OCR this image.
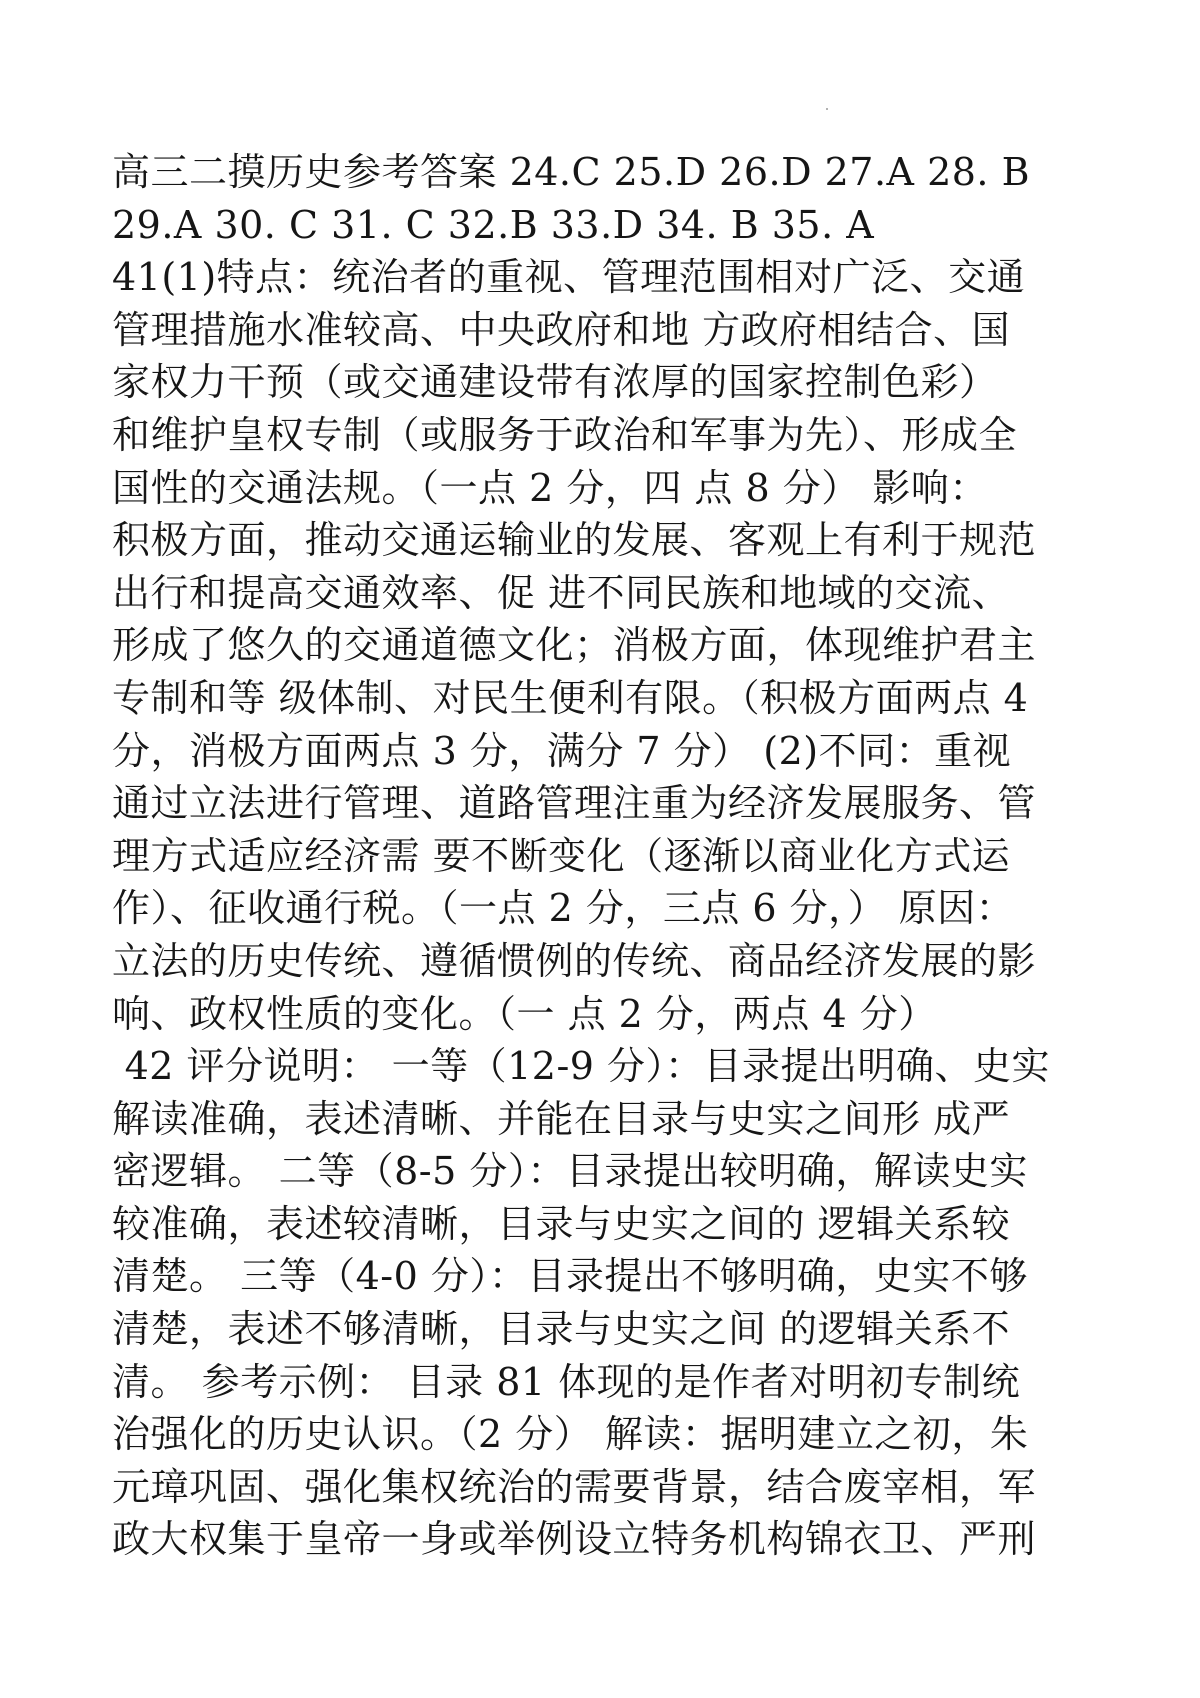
高三二摸历史参考答案 24.C 25.D 26.D 27.A 28. B
29.A 30. C 31. C 32.B 33.D 34. B 35. A
41(1)特点：统治者的重视、管理范围相对广泛、交通
管理措施水准较高、中央政府和地 方政府相结合、国
家权力干预（或交通建设带有浓厚的国家控制色彩）
和维护皇权专制（或服务于政治和军事为先）、形成全
国性的交通法规。（一点 2 分，四 点 8 分） 影响：
积极方面，推动交通运输业的发展、客观上有利于规范
出行和提高交通效率、促 进不同民族和地域的交流、
形成了悠久的交通道德文化；消极方面，体现维护君主
专制和等 级体制、对民生便利有限。（积极方面两点 4
分，消极方面两点 3 分，满分 7 分） (2)不同：重视
通过立法进行管理、道路管理注重为经济发展服务、管
理方式适应经济需 要不断变化（逐渐以商业化方式运
作）、征收通行税。（一点 2 分，三点 6 分，） 原因：
立法的历史传统、遵循惯例的传统、商品经济发展的影
响、政权性质的变化。（一 点 2 分，两点 4 分）
42 评分说明： 一等（12-9 分）：目录提出明确、史实
解读准确，表述清晰、并能在目录与史实之间形 成严
密逻辑。 二等（8-5 分）：目录提出较明确，解读史实
较准确，表述较清晰，目录与史实之间的 逻辑关系较
清楚。 三等（4-0 分）：目录提出不够明确，史实不够
清楚，表述不够清晰，目录与史实之间 的逻辑关系不
清。 参考示例： 目录 81 体现的是作者对明初专制统
治强化的历史认识。（2 分） 解读：据明建立之初，朱
元璋巩固、强化集权统治的需要背景，结合废宰相，军
政大权集于皇帝一身或举例设立特务机构锦衣卫、严刑
